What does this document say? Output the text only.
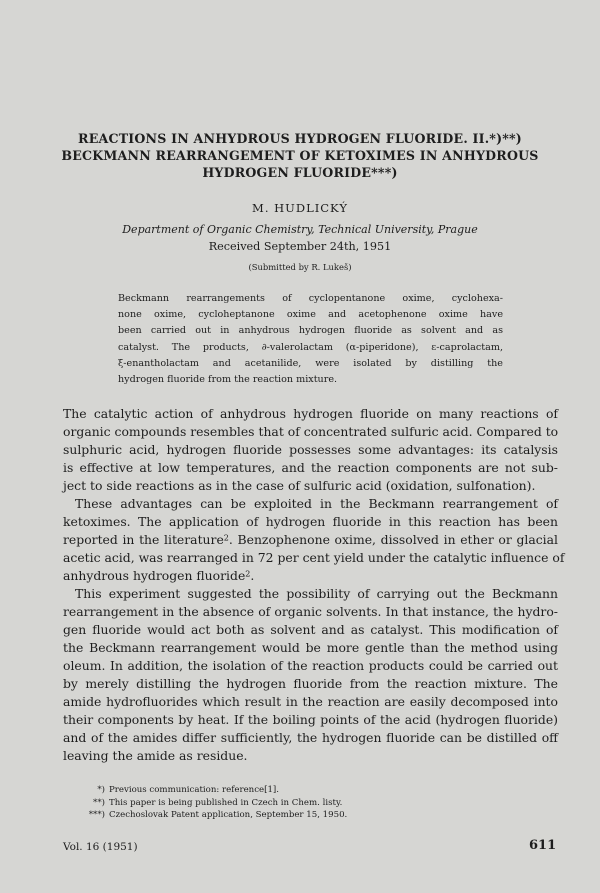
REACTIONS IN ANHYDROUS HYDROGEN FLUORIDE. II.*)**)
BECKMANN REARRANGEMENT OF KETOXIMES IN ANHYDROUS
HYDROGEN FLUORIDE***)
M. HUDLICKÝ
Department of Organic Chemistry, Technical University, Prague
Received September 24th, 1951
(Submitted by R. Lukeš)
Beckmann rearrangements of cyclopentanone oxime, cyclohexa-
none oxime, cycloheptanone oxime and acetophenone oxime have
been carried out in anhydrous hydrogen fluoride as solvent and as
catalyst. The products, ∂-valerolactam (α-piperidone), ε-caprolactam,
ξ-enantholactam and acetanilide, were isolated by distilling the
hydrogen fluoride from the reaction mixture.
The catalytic action of anhydrous hydrogen fluoride on many reactions of
organic compounds resembles that of concentrated sulfuric acid. Compared to
sulphuric acid, hydrogen fluoride possesses some advantages: its catalysis
is effective at low temperatures, and the reaction components are not sub-
ject to side reactions as in the case of sulfuric acid (oxidation, sulfonation).
These advantages can be exploited in the Beckmann rearrangement of
ketoximes. The application of hydrogen fluoride in this reaction has been
reported in the literature$^2$. Benzophenone oxime, dissolved in ether or glacial
acetic acid, was rearranged in 72 per cent yield under the catalytic influence of
anhydrous hydrogen fluoride$^2$.
This experiment suggested the possibility of carrying out the Beckmann
rearrangement in the absence of organic solvents. In that instance, the hydro-
gen fluoride would act both as solvent and as catalyst. This modification of
the Beckmann rearrangement would be more gentle than the method using
oleum. In addition, the isolation of the reaction products could be carried out
by merely distilling the hydrogen fluoride from the reaction mixture. The
amide hydrofluorides which result in the reaction are easily decomposed into
their components by heat. If the boiling points of the acid (hydrogen fluoride)
and of the amides differ sufficiently, the hydrogen fluoride can be distilled off
leaving the amide as residue.
*) Previous communication: reference[1].
**) This paper is being published in Czech in Chem. listy.
***) Czechoslovak Patent application, September 15, 1950.
Vol. 16 (1951)	611
